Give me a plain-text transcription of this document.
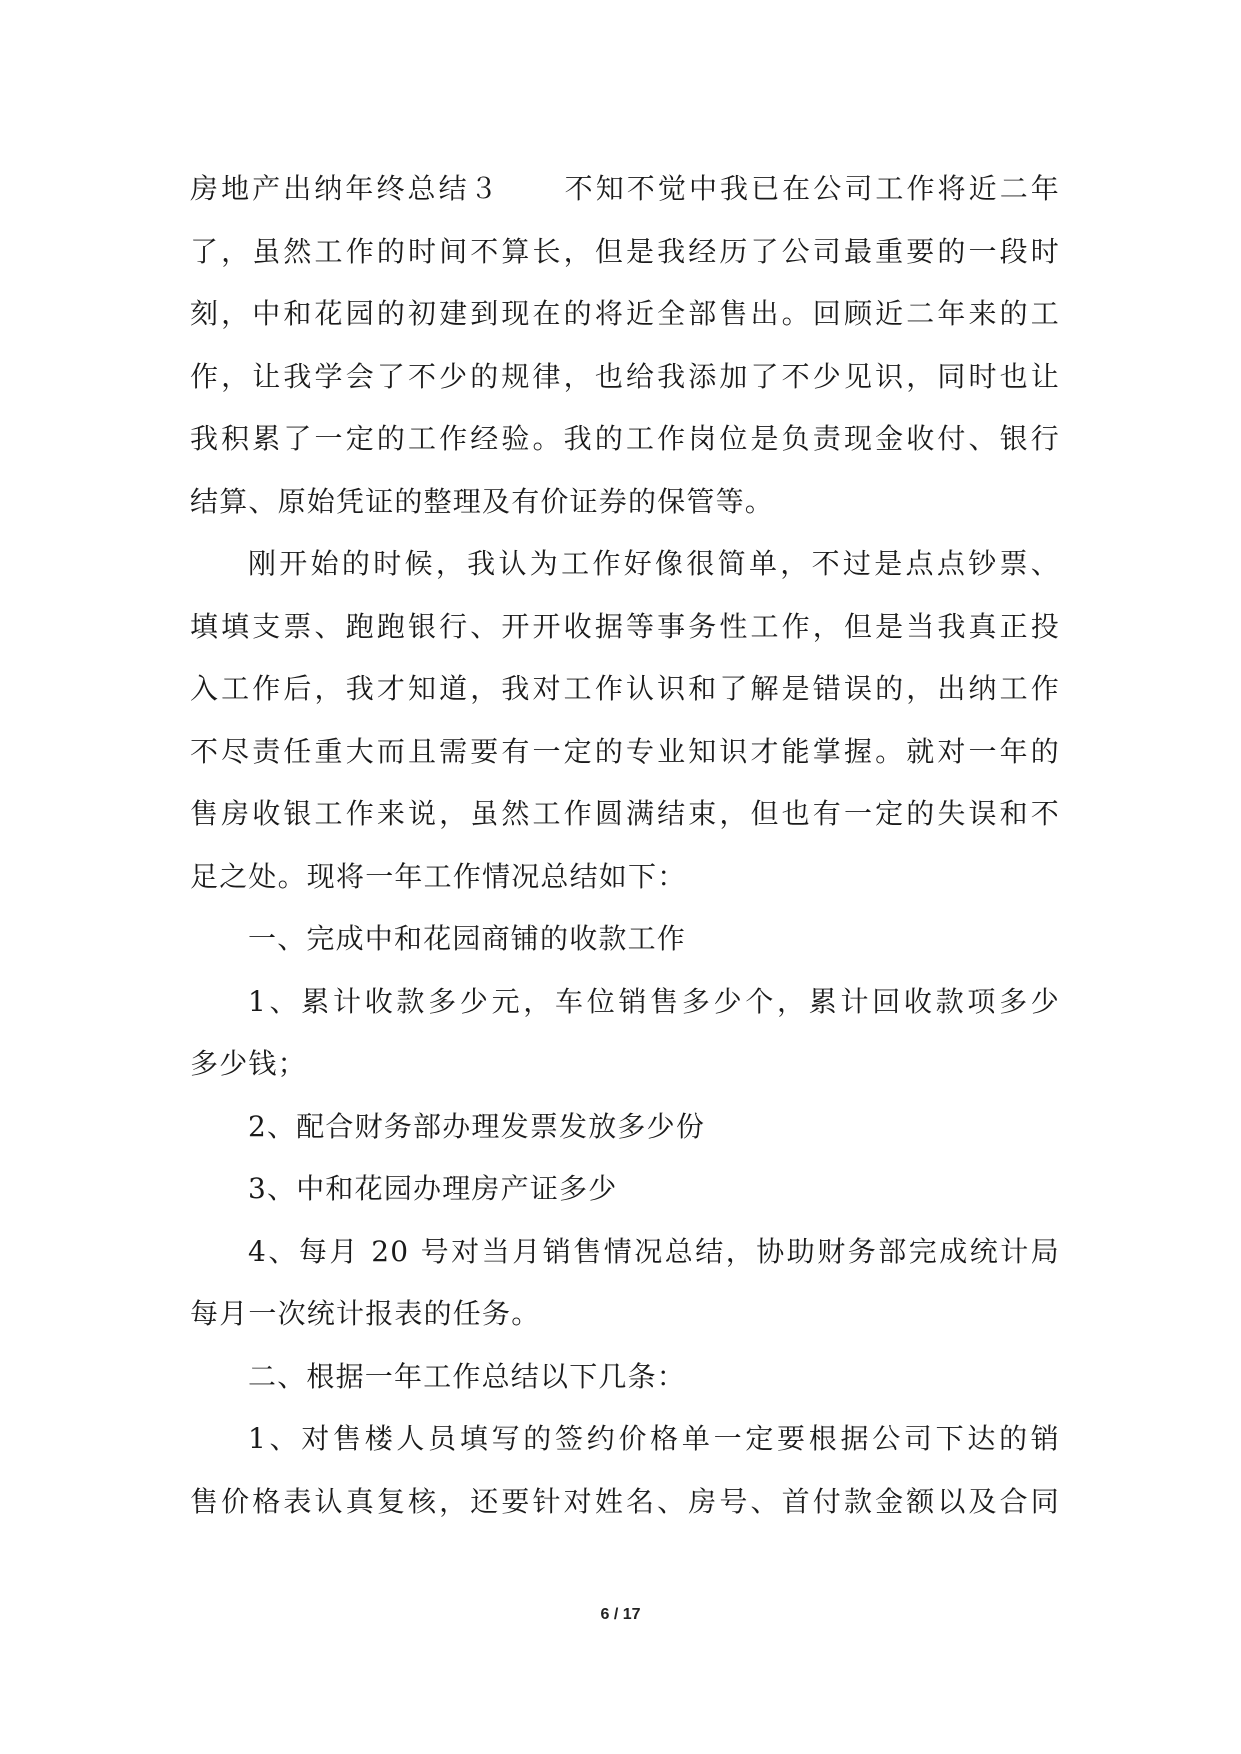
房地产出纳年终总结３ 不知不觉中我已在公司工作将近二年
了，虽然工作的时间不算长，但是我经历了公司最重要的一段时
刻，中和花园的初建到现在的将近全部售出。回顾近二年来的工
作，让我学会了不少的规律，也给我添加了不少见识，同时也让
我积累了一定的工作经验。我的工作岗位是负责现金收付、银行
结算、原始凭证的整理及有价证券的保管等。
刚开始的时候，我认为工作好像很简单，不过是点点钞票、
填填支票、跑跑银行、开开收据等事务性工作，但是当我真正投
入工作后，我才知道，我对工作认识和了解是错误的，出纳工作
不尽责任重大而且需要有一定的专业知识才能掌握。就对一年的
售房收银工作来说，虽然工作圆满结束，但也有一定的失误和不
足之处。现将一年工作情况总结如下：
一、完成中和花园商铺的收款工作
1、累计收款多少元，车位销售多少个，累计回收款项多少
多少钱；
2、配合财务部办理发票发放多少份
3、中和花园办理房产证多少
4、每月 20 号对当月销售情况总结，协助财务部完成统计局
每月一次统计报表的任务。
二、根据一年工作总结以下几条：
1、对售楼人员填写的签约价格单一定要根据公司下达的销
售价格表认真复核，还要针对姓名、房号、首付款金额以及合同
6 / 17
